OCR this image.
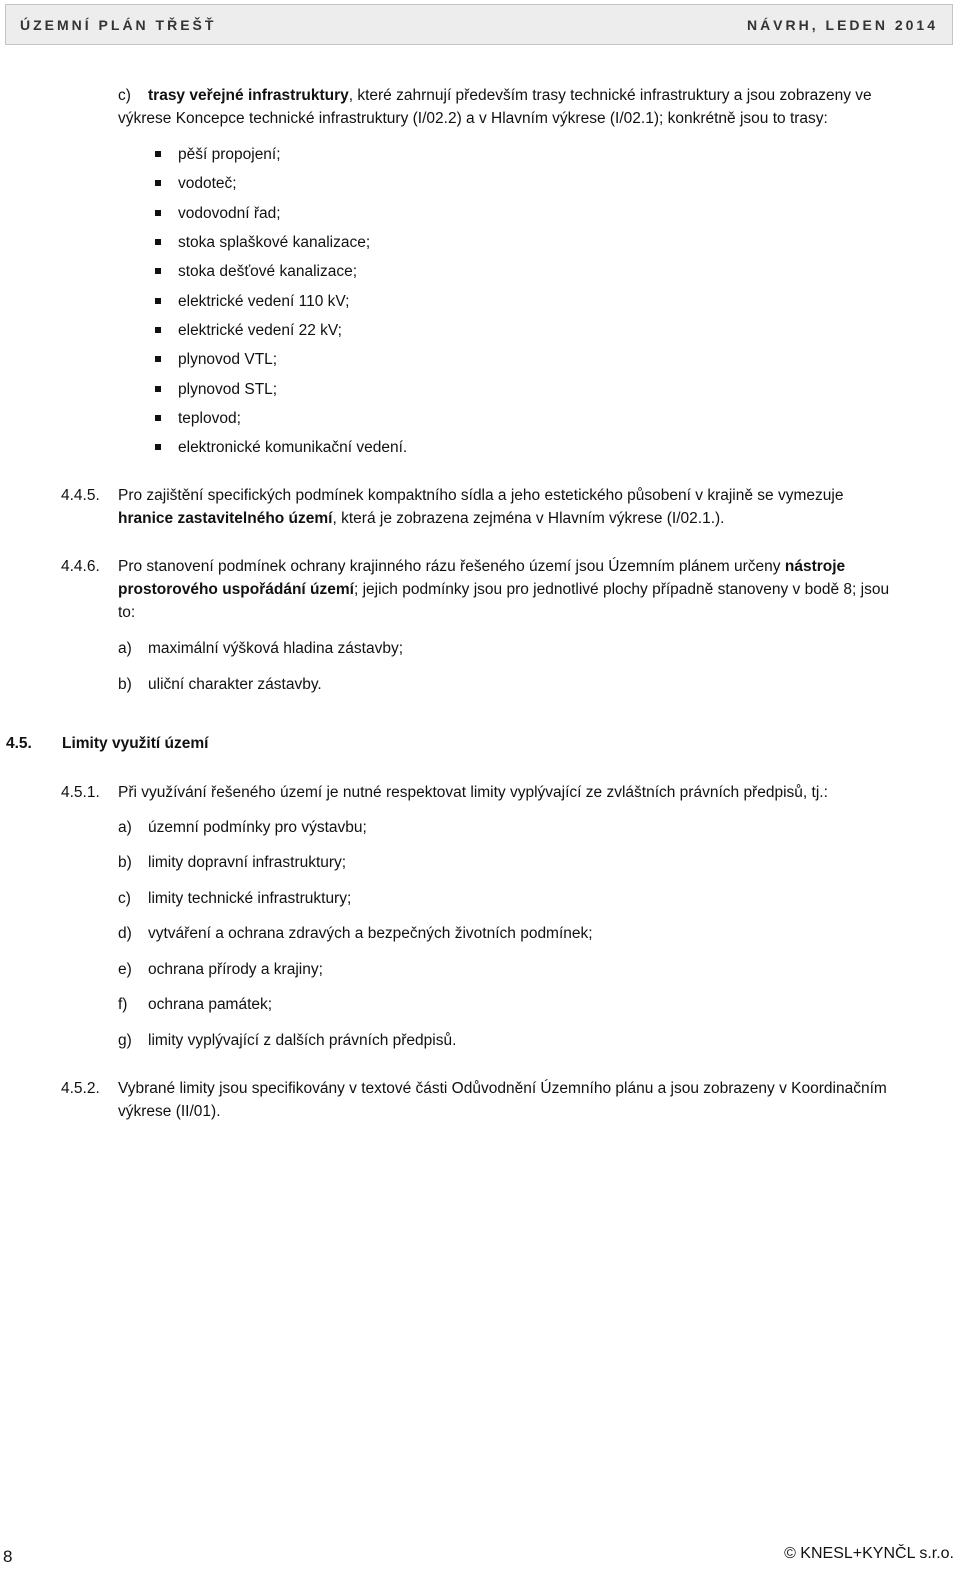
ÚZEMNÍ PLÁN TŘEŠŤ	NÁVRH, LEDEN 2014
c) trasy veřejné infrastruktury, které zahrnují především trasy technické infrastruktury a jsou zobrazeny ve
výkrese Koncepce technické infrastruktury (I/02.2) a v Hlavním výkrese (I/02.1); konkrétně jsou to trasy:
pěší propojení;
vodoteč;
vodovodní řad;
stoka splaškové kanalizace;
stoka dešťové kanalizace;
elektrické vedení 110 kV;
elektrické vedení 22 kV;
plynovod VTL;
plynovod STL;
teplovod;
elektronické komunikační vedení.
4.4.5. Pro zajištění specifických podmínek kompaktního sídla a jeho estetického působení v krajině se vymezuje
hranice zastavitelného území, která je zobrazena zejména v Hlavním výkrese (I/02.1.).
4.4.6. Pro stanovení podmínek ochrany krajinného rázu řešeného území jsou Územním plánem určeny nástroje
prostorového uspořádání území; jejich podmínky jsou pro jednotlivé plochy případně stanoveny v bodě 8; jsou
to:
a) maximální výšková hladina zástavby;
b) uliční charakter zástavby.
4.5. Limity využití území
4.5.1. Při využívání řešeného území je nutné respektovat limity vyplývající ze zvláštních právních předpisů, tj.:
a) územní podmínky pro výstavbu;
b) limity dopravní infrastruktury;
c) limity technické infrastruktury;
d) vytváření a ochrana zdravých a bezpečných životních podmínek;
e) ochrana přírody a krajiny;
f) ochrana památek;
g) limity vyplývající z dalších právních předpisů.
4.5.2. Vybrané limity jsou specifikovány v textové části Odůvodnění Územního plánu a jsou zobrazeny v Koordinačním
výkrese (II/01).
8	© KNESL+KYNČL s.r.o.
